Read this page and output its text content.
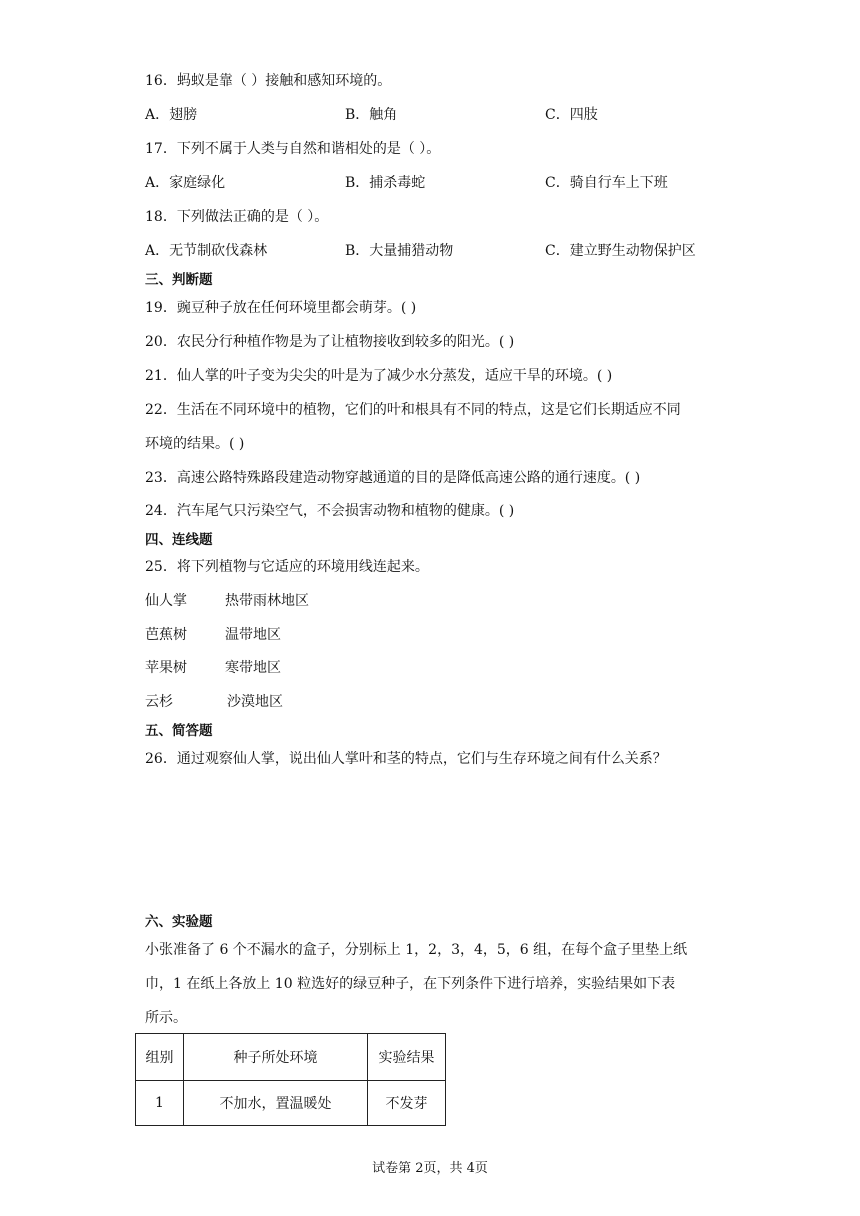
16．蚂蚁是靠（ ）接触和感知环境的。
A．翅膀	B．触角	C．四肢
17．下列不属于人类与自然和谐相处的是（ ）。
A．家庭绿化	B．捕杀毒蛇	C．骑自行车上下班
18．下列做法正确的是（ ）。
A．无节制砍伐森林	B．大量捕猎动物	C．建立野生动物保护区
三、判断题
19．豌豆种子放在任何环境里都会萌芽。( )
20．农民分行种植作物是为了让植物接收到较多的阳光。( )
21．仙人掌的叶子变为尖尖的叶是为了减少水分蒸发，适应干旱的环境。( )
22．生活在不同环境中的植物，它们的叶和根具有不同的特点，这是它们长期适应不同
环境的结果。( )
23．高速公路特殊路段建造动物穿越通道的目的是降低高速公路的通行速度。( )
24．汽车尾气只污染空气，不会损害动物和植物的健康。( )
四、连线题
25．将下列植物与它适应的环境用线连起来。
仙人掌	热带雨林地区
芭蕉树	温带地区
苹果树	寒带地区
云杉	沙漠地区
五、简答题
26．通过观察仙人掌，说出仙人掌叶和茎的特点，它们与生存环境之间有什么关系？
六、实验题
小张准备了 6 个不漏水的盒子，分别标上 1，2，3，4，5，6 组，在每个盒子里垫上纸
巾，1 在纸上各放上 10 粒选好的绿豆种子，在下列条件下进行培养，实验结果如下表
所示。
组别	种子所处环境	实验结果
1	不加水，置温暖处	不发芽
试卷第 2页，共 4页
